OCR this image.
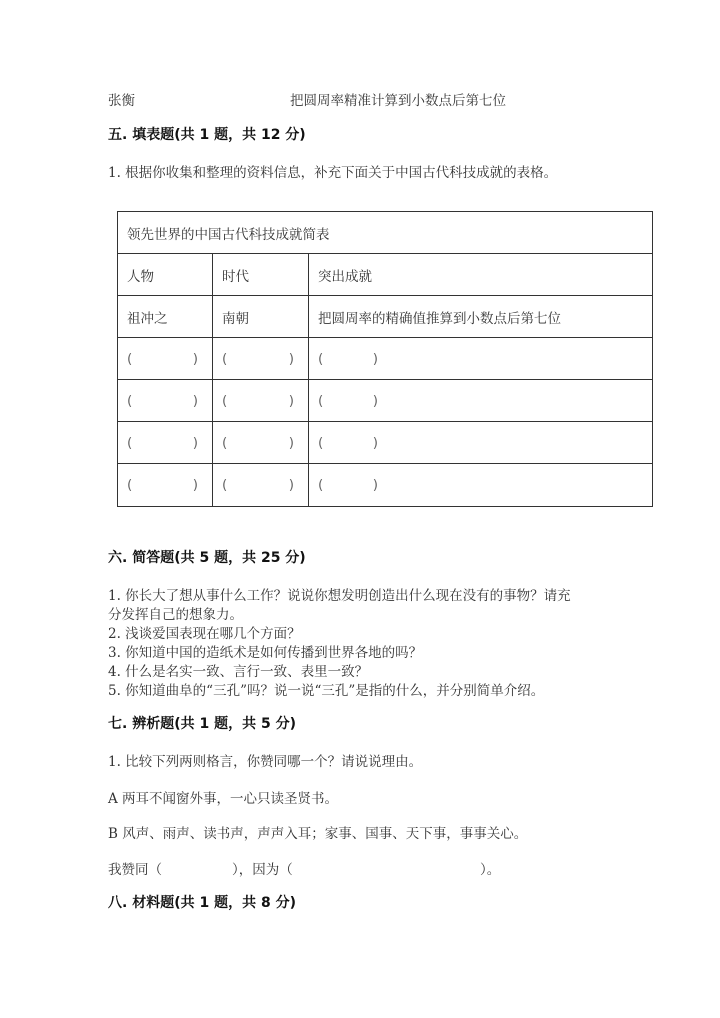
张衡	把圆周率精准计算到小数点后第七位
五. 填表题(共 1 题，共 12 分)
1. 根据你收集和整理的资料信息，补充下面关于中国古代科技成就的表格。
领先世界的中国古代科技成就简表		
人物	时代	突出成就
祖冲之	南朝	把圆周率的精确值推算到小数点后第七位

( )	( )	( )

( )	( )	( )

( )	( )	( )

( )	( )	( )
六. 简答题(共 5 题，共 25 分)
1. 你长大了想从事什么工作？说说你想发明创造出什么现在没有的事物？请充
分发挥自己的想象力。
2. 浅谈爱国表现在哪几个方面？
3. 你知道中国的造纸术是如何传播到世界各地的吗？
4. 什么是名实一致、言行一致、表里一致？
5. 你知道曲阜的“三孔”吗？说一说“三孔”是指的什么，并分别简单介绍。
七. 辨析题(共 1 题，共 5 分)
1. 比较下列两则格言，你赞同哪一个？请说说理由。
A 两耳不闻窗外事，一心只读圣贤书。
B 风声、雨声、读书声，声声入耳；家事、国事、天下事，事事关心。
我赞同（	），因为（	）。
八. 材料题(共 1 题，共 8 分)
